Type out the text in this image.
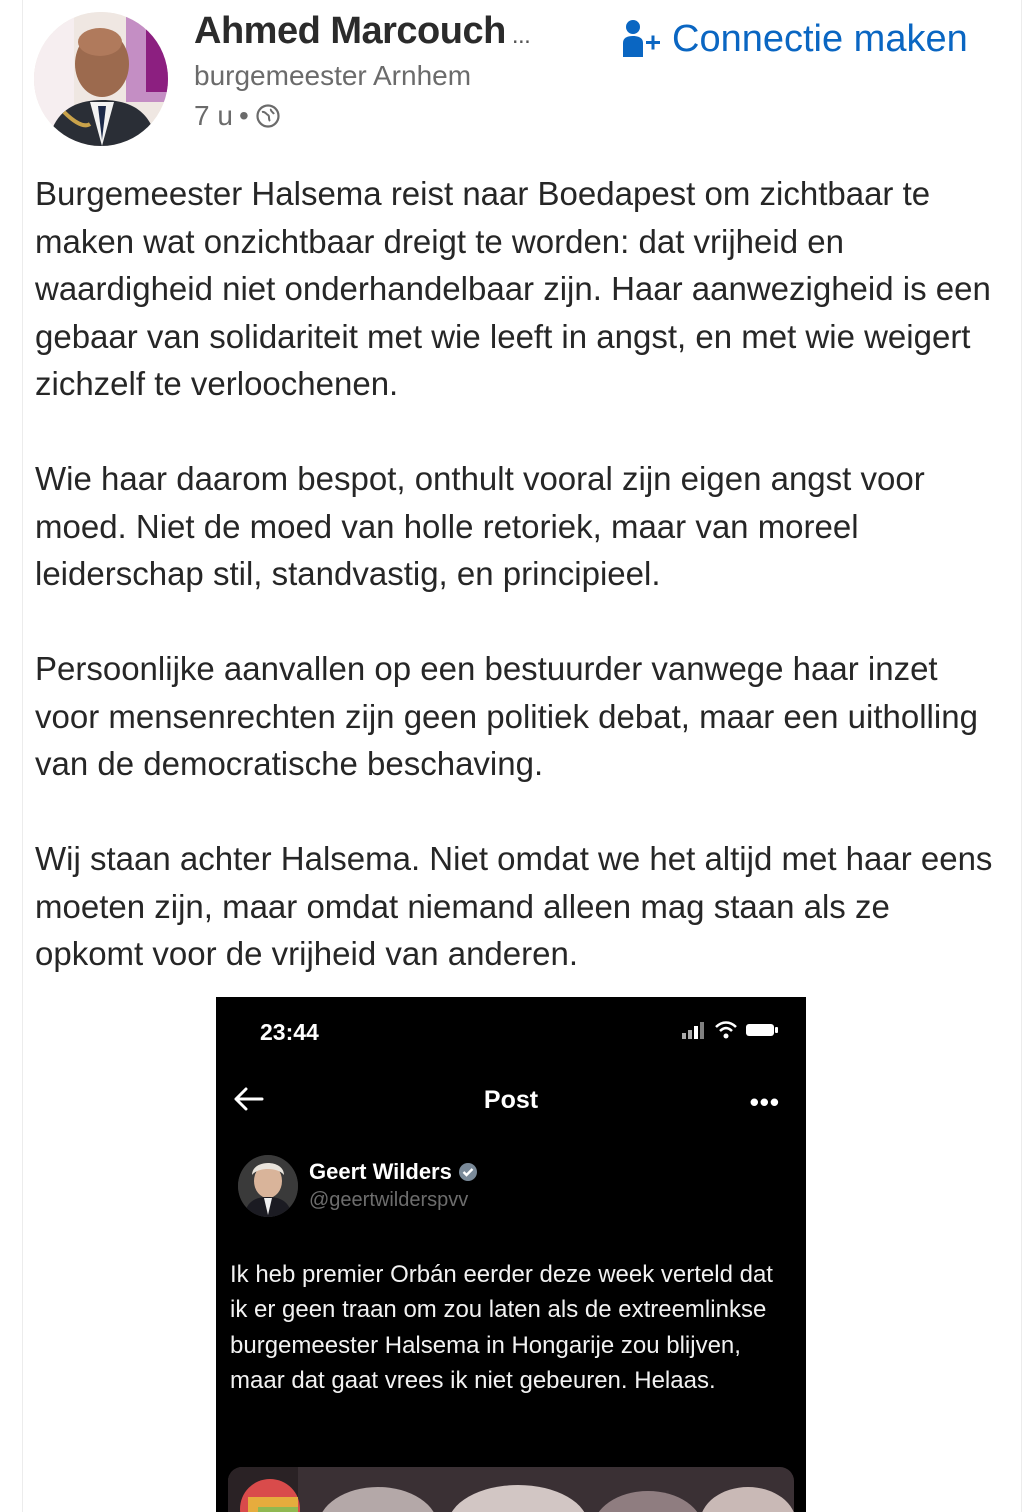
Ahmed Marcouch ...
burgemeester Arnhem
7 u •
Connectie maken

Burgemeester Halsema reist naar Boedapest om zichtbaar te maken wat onzichtbaar dreigt te worden: dat vrijheid en waardigheid niet onderhandelbaar zijn. Haar aanwezigheid is een gebaar van solidariteit met wie leeft in angst, en met wie weigert zichzelf te verloochenen.

Wie haar daarom bespot, onthult vooral zijn eigen angst voor moed. Niet de moed van holle retoriek, maar van moreel leiderschap stil, standvastig, en principieel.

Persoonlijke aanvallen op een bestuurder vanwege haar inzet voor mensenrechten zijn geen politiek debat, maar een uitholling van de democratische beschaving.

Wij staan achter Halsema. Niet omdat we het altijd met haar eens moeten zijn, maar omdat niemand alleen mag staan als ze opkomt voor de vrijheid van anderen.

23:44
Post	•••
Geert Wilders
@geertwilderspvv
Ik heb premier Orbán eerder deze week verteld dat ik er geen traan om zou laten als de extreemlinkse burgemeester Halsema in Hongarije zou blijven, maar dat gaat vrees ik niet gebeuren. Helaas.
